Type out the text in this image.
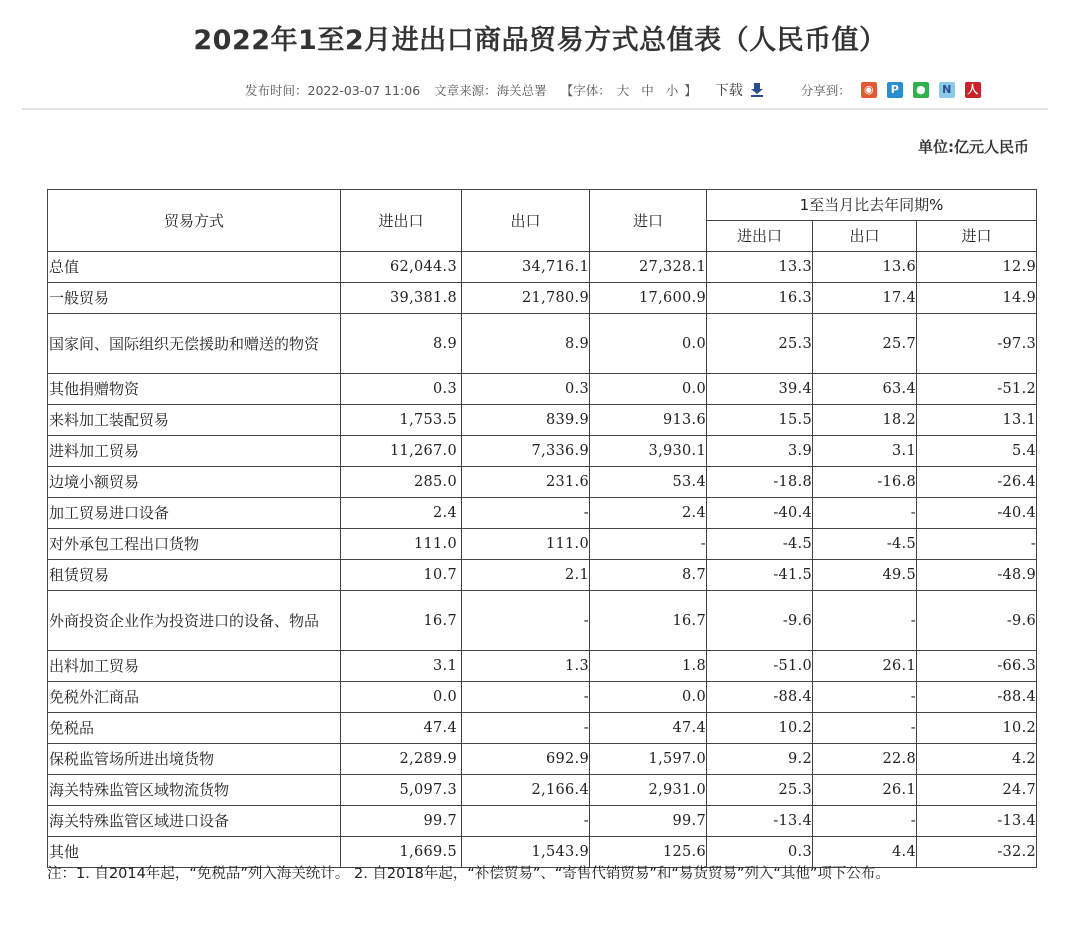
2022年1至2月进出口商品贸易方式总值表（人民币值）
发布时间： 2022-03-07 11:06 文章来源： 海关总署 【字体： 大 中 小 】 下载	分享到： ◉	P	●	N	人
单位:亿元人民币
贸易方式	进出口	出口	进口	1至当月比去年同期%		
				进出口	出口	进口
总值	62,044.3	34,716.1	27,328.1	13.3	13.6	12.9
一般贸易	39,381.8	21,780.9	17,600.9	16.3	17.4	14.9
国家间、国际组织无偿援助和赠送的物资	8.9	8.9	0.0	25.3	25.7	-97.3
其他捐赠物资	0.3	0.3	0.0	39.4	63.4	-51.2
来料加工装配贸易	1,753.5	839.9	913.6	15.5	18.2	13.1
进料加工贸易	11,267.0	7,336.9	3,930.1	3.9	3.1	5.4
边境小额贸易	285.0	231.6	53.4	-18.8	-16.8	-26.4
加工贸易进口设备	2.4	-	2.4	-40.4	-	-40.4
对外承包工程出口货物	111.0	111.0	-	-4.5	-4.5	-
租赁贸易	10.7	2.1	8.7	-41.5	49.5	-48.9
外商投资企业作为投资进口的设备、物品	16.7	-	16.7	-9.6	-	-9.6
出料加工贸易	3.1	1.3	1.8	-51.0	26.1	-66.3
免税外汇商品	0.0	-	0.0	-88.4	-	-88.4
免税品	47.4	-	47.4	10.2	-	10.2
保税监管场所进出境货物	2,289.9	692.9	1,597.0	9.2	22.8	4.2
海关特殊监管区域物流货物	5,097.3	2,166.4	2,931.0	25.3	26.1	24.7
海关特殊监管区域进口设备	99.7	-	99.7	-13.4	-	-13.4
其他	1,669.5	1,543.9	125.6	0.3	4.4	-32.2
注：1. 自2014年起，“免税品”列入海关统计。 2. 自2018年起，“补偿贸易”、“寄售代销贸易”和“易货贸易”列入“其他”项下公布。
